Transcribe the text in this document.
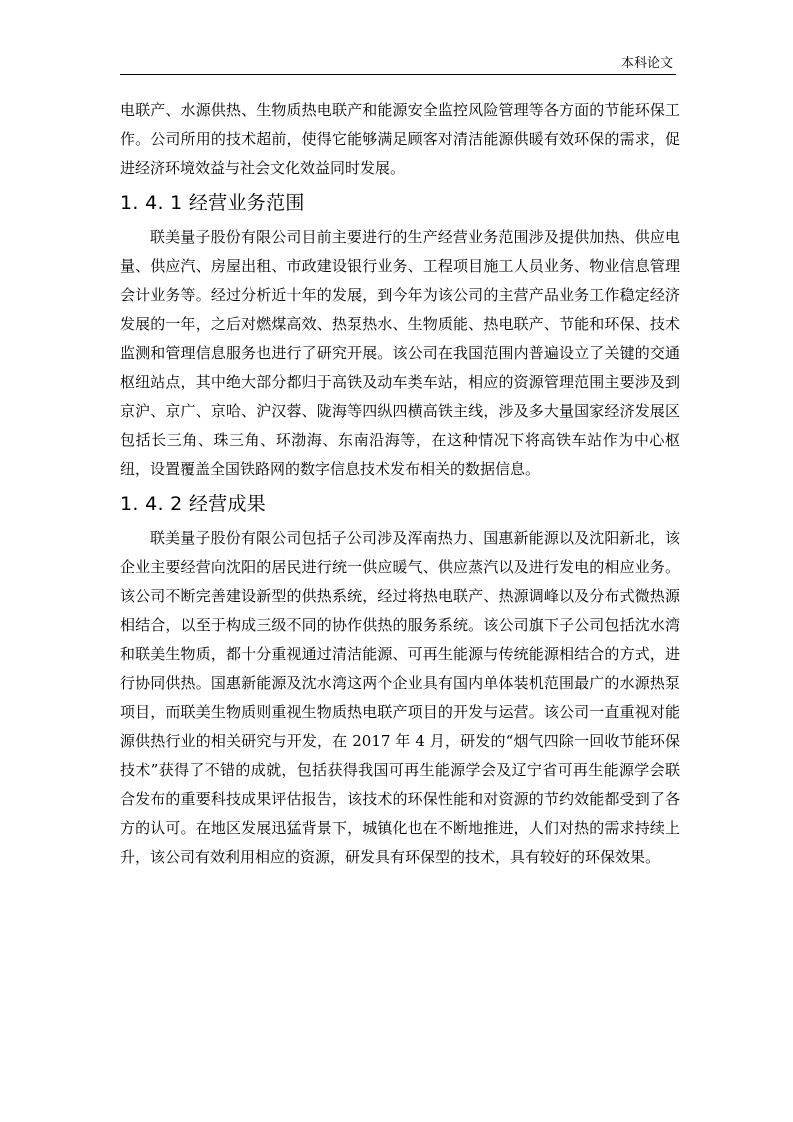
本科论文

电联产、水源供热、生物质热电联产和能源安全监控风险管理等各方面的节能环保工作。公司所用的技术超前，使得它能够满足顾客对清洁能源供暖有效环保的需求，促进经济环境效益与社会文化效益同时发展。

1. 4. 1 经营业务范围

联美量子股份有限公司目前主要进行的生产经营业务范围涉及提供加热、供应电量、供应汽、房屋出租、市政建设银行业务、工程项目施工人员业务、物业信息管理会计业务等。经过分析近十年的发展，到今年为该公司的主营产品业务工作稳定经济发展的一年，之后对燃煤高效、热泵热水、生物质能、热电联产、节能和环保、技术监测和管理信息服务也进行了研究开展。该公司在我国范围内普遍设立了关键的交通枢纽站点，其中绝大部分都归于高铁及动车类车站，相应的资源管理范围主要涉及到京沪、京广、京哈、沪汉蓉、陇海等四纵四横高铁主线，涉及多大量国家经济发展区包括长三角、珠三角、环渤海、东南沿海等，在这种情况下将高铁车站作为中心枢纽，设置覆盖全国铁路网的数字信息技术发布相关的数据信息。

1. 4. 2 经营成果

联美量子股份有限公司包括子公司涉及浑南热力、国惠新能源以及沈阳新北，该企业主要经营向沈阳的居民进行统一供应暖气、供应蒸汽以及进行发电的相应业务。该公司不断完善建设新型的供热系统，经过将热电联产、热源调峰以及分布式微热源相结合，以至于构成三级不同的协作供热的服务系统。该公司旗下子公司包括沈水湾和联美生物质，都十分重视通过清洁能源、可再生能源与传统能源相结合的方式，进行协同供热。国惠新能源及沈水湾这两个企业具有国内单体装机范围最广的水源热泵项目，而联美生物质则重视生物质热电联产项目的开发与运营。该公司一直重视对能源供热行业的相关研究与开发，在 2017 年 4 月，研发的“烟气四除一回收节能环保技术”获得了不错的成就，包括获得我国可再生能源学会及辽宁省可再生能源学会联合发布的重要科技成果评估报告，该技术的环保性能和对资源的节约效能都受到了各方的认可。在地区发展迅猛背景下，城镇化也在不断地推进，人们对热的需求持续上升，该公司有效利用相应的资源，研发具有环保型的技术，具有较好的环保效果。
